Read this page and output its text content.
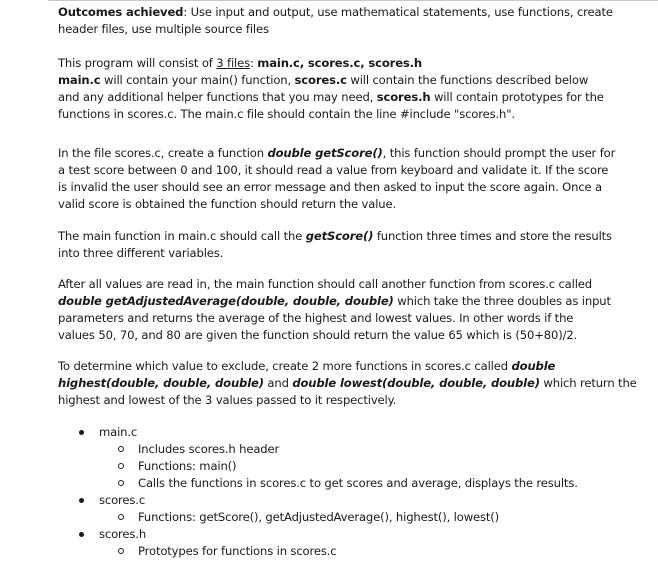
Outcomes achieved: Use input and output, use mathematical statements, use functions, create
header files, use multiple source files
This program will consist of 3 files: main.c, scores.c, scores.h
main.c will contain your main() function, scores.c will contain the functions described below
and any additional helper functions that you may need, scores.h will contain prototypes for the
functions in scores.c. The main.c file should contain the line #include "scores.h".
In the file scores.c, create a function double getScore(), this function should prompt the user for
a test score between 0 and 100, it should read a value from keyboard and validate it. If the score
is invalid the user should see an error message and then asked to input the score again. Once a
valid score is obtained the function should return the value.
The main function in main.c should call the getScore() function three times and store the results
into three different variables.
After all values are read in, the main function should call another function from scores.c called
double getAdjustedAverage(double, double, double) which take the three doubles as input
parameters and returns the average of the highest and lowest values. In other words if the
values 50, 70, and 80 are given the function should return the value 65 which is (50+80)/2.
To determine which value to exclude, create 2 more functions in scores.c called double
highest(double, double, double) and double lowest(double, double, double) which return the
highest and lowest of the 3 values passed to it respectively.
main.c
Includes scores.h header
Functions: main()
Calls the functions in scores.c to get scores and average, displays the results.
scores.c
Functions: getScore(), getAdjustedAverage(), highest(), lowest()
scores.h
Prototypes for functions in scores.c
